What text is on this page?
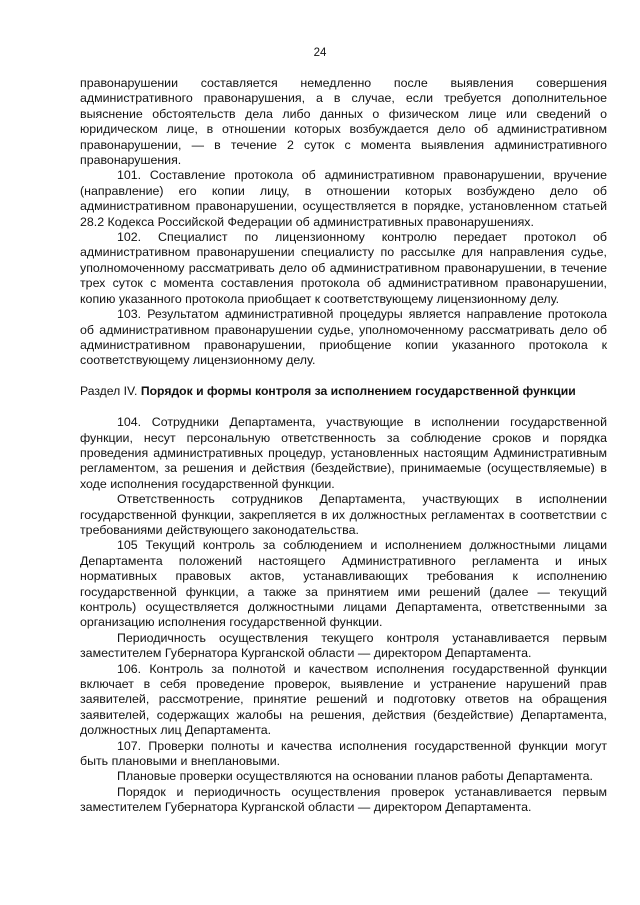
24

правонарушении составляется немедленно после выявления совершения административного правонарушения, а в случае, если требуется дополнительное выяснение обстоятельств дела либо данных о физическом лице или сведений о юридическом лице, в отношении которых возбуждается дело об административном правонарушении, — в течение 2 суток с момента выявления административного правонарушения.

101. Составление протокола об административном правонарушении, вручение (направление) его копии лицу, в отношении которых возбуждено дело об административном правонарушении, осуществляется в порядке, установленном статьей 28.2 Кодекса Российской Федерации об административных правонарушениях.

102. Специалист по лицензионному контролю передает протокол об административном правонарушении специалисту по рассылке для направления судье, уполномоченному рассматривать дело об административном правонарушении, в течение трех суток с момента составления протокола об административном правонарушении, копию указанного протокола приобщает к соответствующему лицензионному делу.

103. Результатом административной процедуры является направление протокола об административном правонарушении судье, уполномоченному рассматривать дело об административном правонарушении, приобщение копии указанного протокола к соответствующему лицензионному делу.

Раздел IV. Порядок и формы контроля за исполнением государственной функции

104. Сотрудники Департамента, участвующие в исполнении государственной функции, несут персональную ответственность за соблюдение сроков и порядка проведения административных процедур, установленных настоящим Административным регламентом, за решения и действия (бездействие), принимаемые (осуществляемые) в ходе исполнения государственной функции.

Ответственность сотрудников Департамента, участвующих в исполнении государственной функции, закрепляется в их должностных регламентах в соответствии с требованиями действующего законодательства.

105 Текущий контроль за соблюдением и исполнением должностными лицами Департамента положений настоящего Административного регламента и иных нормативных правовых актов, устанавливающих требования к исполнению государственной функции, а также за принятием ими решений (далее — текущий контроль) осуществляется должностными лицами Департамента, ответственными за организацию исполнения государственной функции.

Периодичность осуществления текущего контроля устанавливается первым заместителем Губернатора Курганской области — директором Департамента.

106. Контроль за полнотой и качеством исполнения государственной функции включает в себя проведение проверок, выявление и устранение нарушений прав заявителей, рассмотрение, принятие решений и подготовку ответов на обращения заявителей, содержащих жалобы на решения, действия (бездействие) Департамента, должностных лиц Департамента.

107. Проверки полноты и качества исполнения государственной функции могут быть плановыми и внеплановыми.

Плановые проверки осуществляются на основании планов работы Департамента.

Порядок и периодичность осуществления проверок устанавливается первым заместителем Губернатора Курганской области — директором Департамента.
